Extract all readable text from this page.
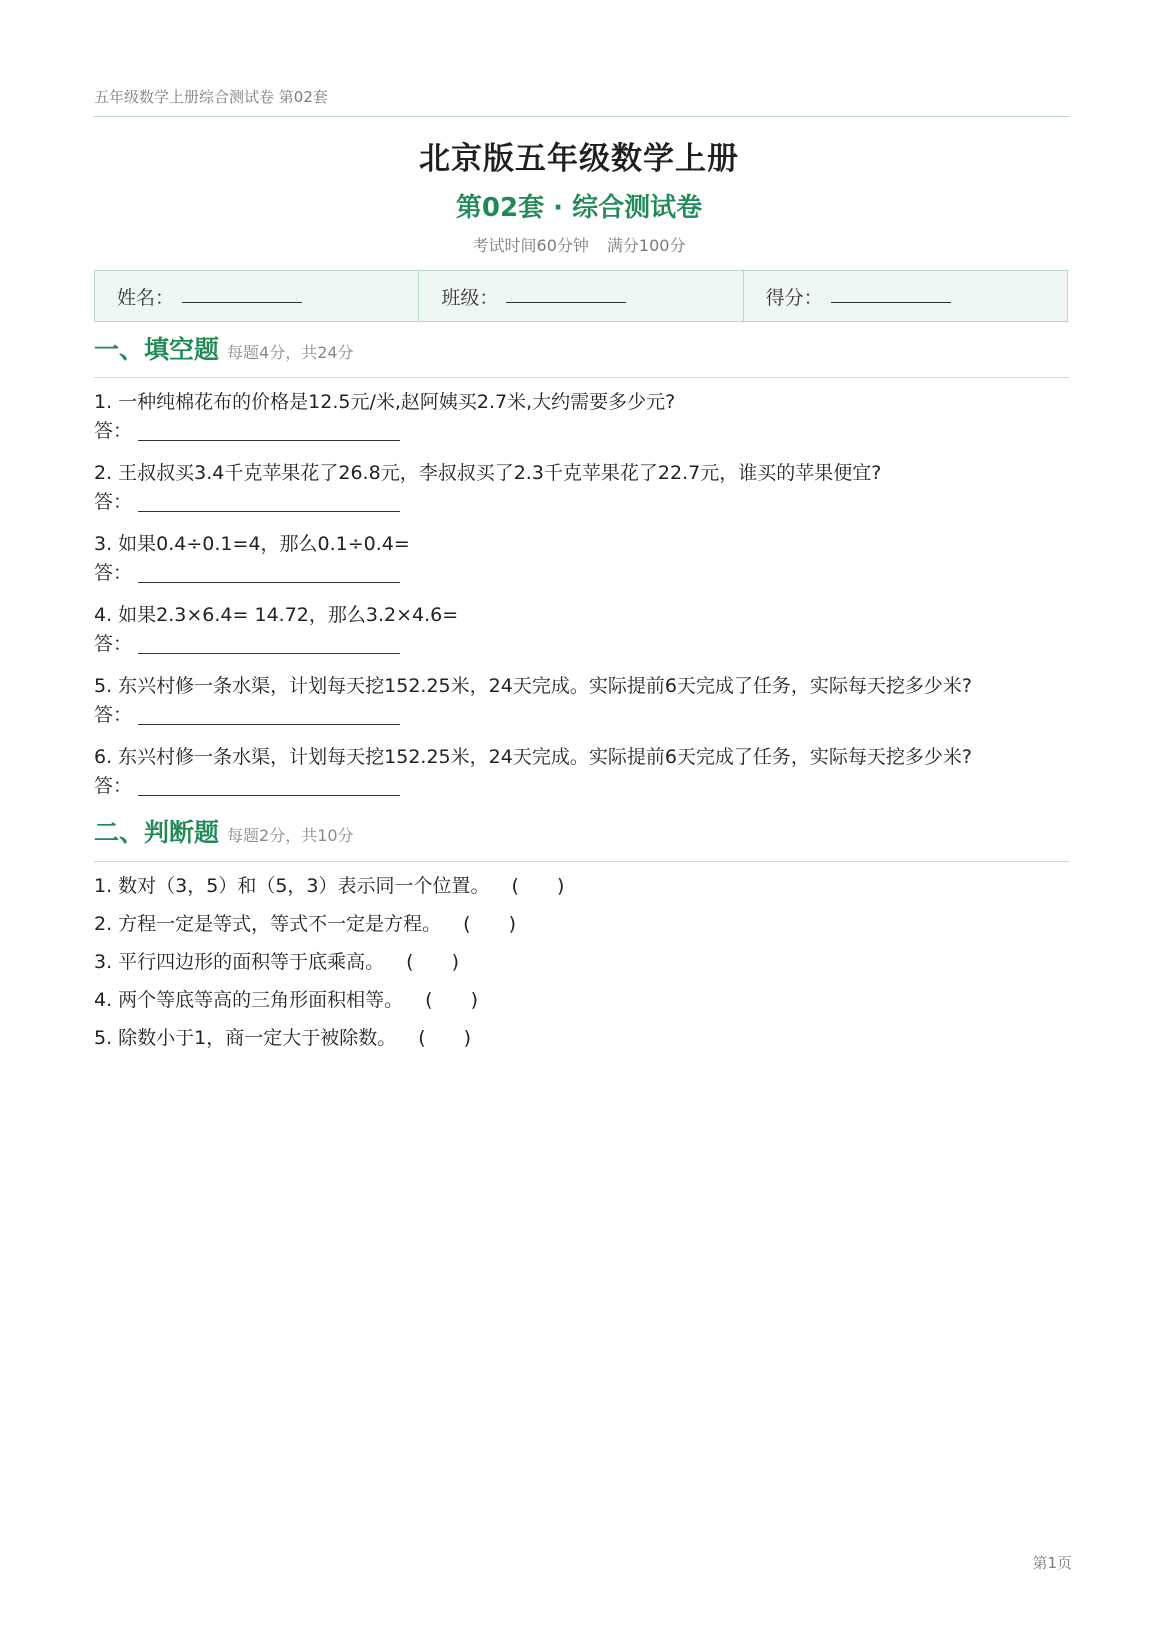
五年级数学上册综合测试卷 第02套
北京版五年级数学上册
第02套 · 综合测试卷
考试时间60分钟 满分100分
姓名：	班级：	得分：
一、填空题 每题4分，共24分
1. 一种纯棉花布的价格是12.5元/米,赵阿姨买2.7米,大约需要多少元?
答：
2. 王叔叔买3.4千克苹果花了26.8元，李叔叔买了2.3千克苹果花了22.7元，谁买的苹果便宜?
答：
3. 如果0.4÷0.1=4，那么0.1÷0.4=
答：
4. 如果2.3×6.4= 14.72，那么3.2×4.6=
答：
5. 东兴村修一条水渠，计划每天挖152.25米，24天完成。实际提前6天完成了任务，实际每天挖多少米?
答：
6. 东兴村修一条水渠，计划每天挖152.25米，24天完成。实际提前6天完成了任务，实际每天挖多少米?
答：
二、判断题 每题2分，共10分
1. 数对（3，5）和（5，3）表示同一个位置。 (　　)
2. 方程一定是等式，等式不一定是方程。 (　　)
3. 平行四边形的面积等于底乘高。 (　　)
4. 两个等底等高的三角形面积相等。 (　　)
5. 除数小于1，商一定大于被除数。 (　　)
第1页
